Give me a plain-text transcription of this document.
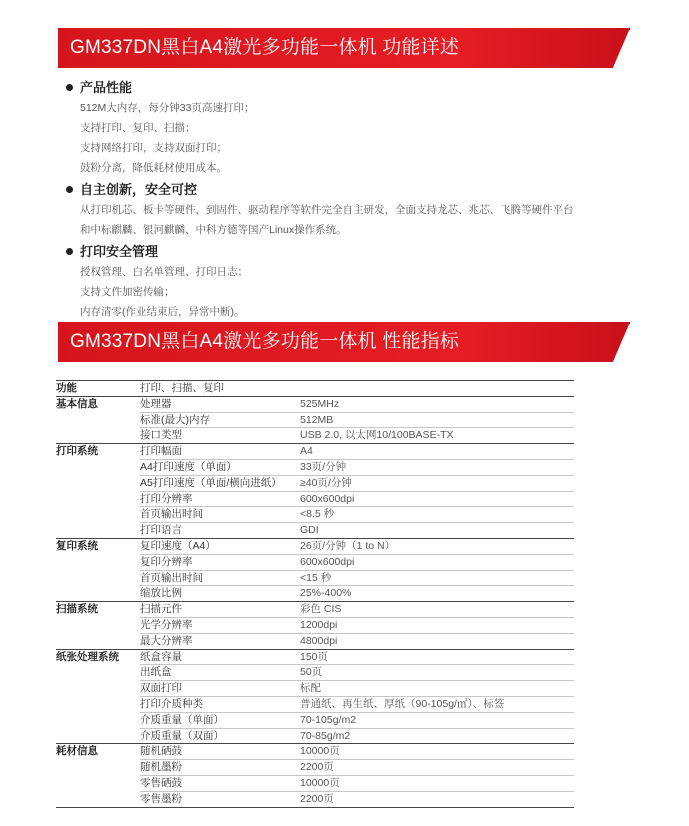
GM337DN黑白A4激光多功能一体机 功能详述
产品性能
512M大内存，每分钟33页高速打印；
支持打印、复印、扫描；
支持网络打印，支持双面打印；
鼓粉分离，降低耗材使用成本。
自主创新，安全可控
从打印机芯、板卡等硬件，到固件、驱动程序等软件完全自主研发，全面支持龙芯、兆芯、飞腾等硬件平台
和中标麒麟、银河麒麟、中科方德等国产Linux操作系统。
打印安全管理
授权管理、白名单管理、打印日志；
支持文件加密传输；
内存清零(作业结束后，异常中断)。
GM337DN黑白A4激光多功能一体机 性能指标
功能	打印、扫描、复印	
基本信息	处理器	525MHz
	标准(最大)内存	512MB
	接口类型	USB 2.0, 以太网10/100BASE-TX
打印系统	打印幅面	A4
	A4打印速度（单面）	33页/分钟
	A5打印速度（单面/横向进纸）	≥40页/分钟
	打印分辨率	600x600dpi
	首页输出时间	<8.5 秒
	打印语言	GDI
复印系统	复印速度（A4）	26页/分钟（1 to N）
	复印分辨率	600x600dpi
	首页输出时间	<15 秒
	缩放比例	25%-400%
扫描系统	扫描元件	彩色 CIS
	光学分辨率	1200dpi
	最大分辨率	4800dpi
纸张处理系统	纸盒容量	150页
	出纸盒	50页
	双面打印	标配
	打印介质种类	普通纸、再生纸、厚纸（90-105g/㎡）、标签
	介质重量（单面）	70-105g/m2
	介质重量（双面）	70-85g/m2
耗材信息	随机硒鼓	10000页
	随机墨粉	2200页
	零售硒鼓	10000页
	零售墨粉	2200页
